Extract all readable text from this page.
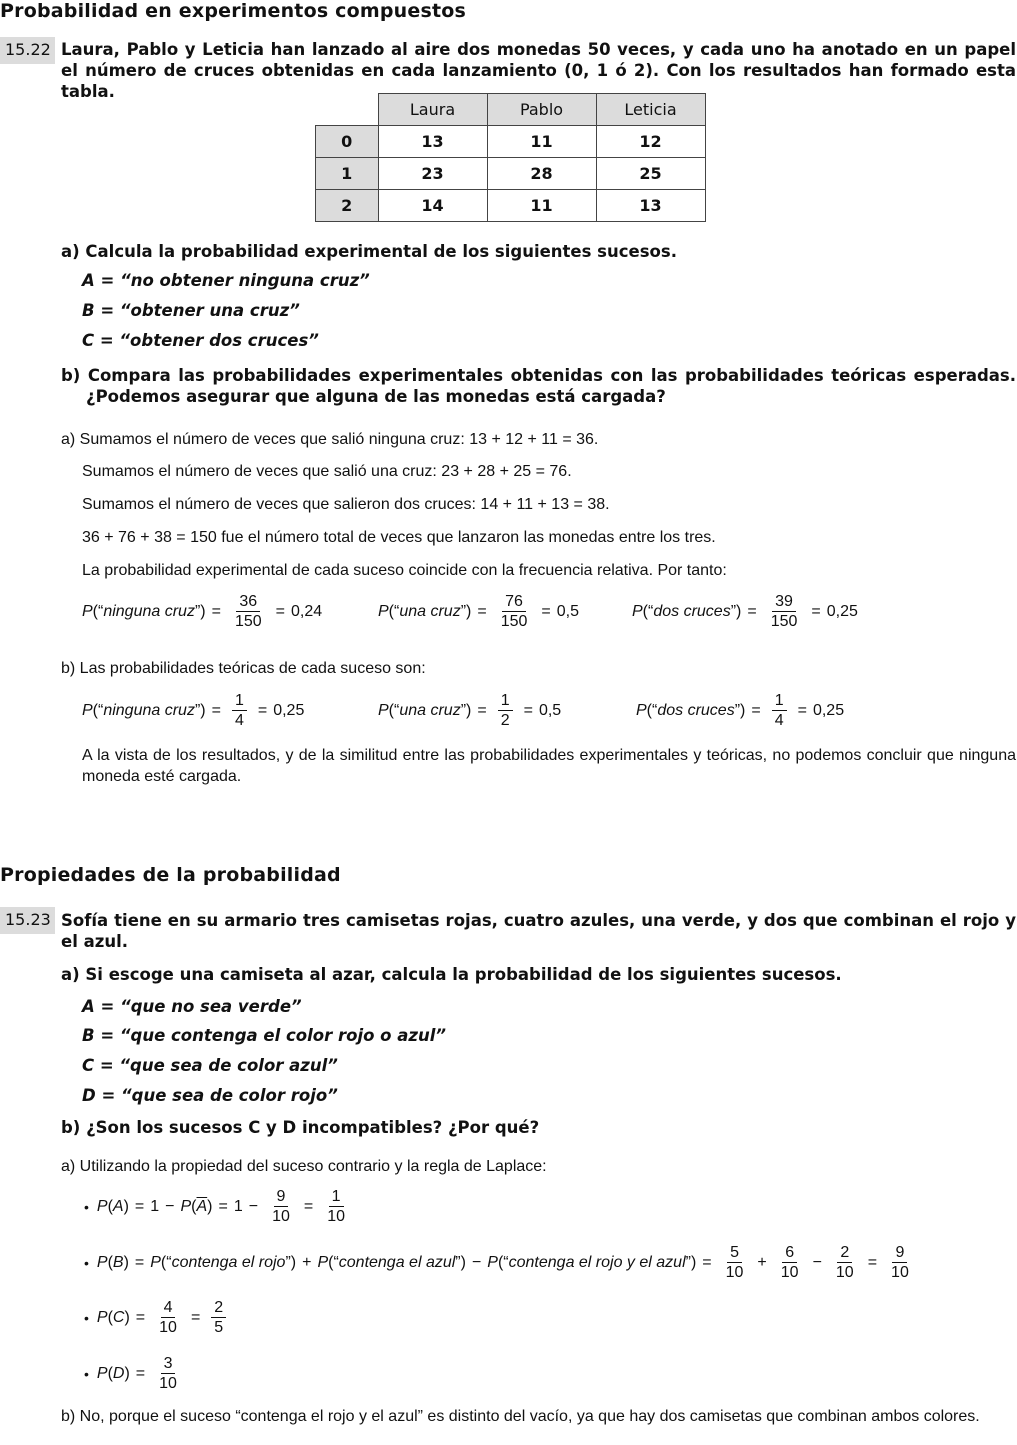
Probabilidad en experimentos compuestos
15.22 Laura, Pablo y Leticia han lanzado al aire dos monedas 50 veces, y cada uno ha anotado en un papel el número de cruces obtenidas en cada lanzamiento (0, 1 ó 2). Con los resultados han formado esta tabla.
	Laura	Pablo	Leticia
0	13	11	12
1	23	28	25
2	14	11	13
a) Calcula la probabilidad experimental de los siguientes sucesos.
A = “no obtener ninguna cruz”
B = “obtener una cruz”
C = “obtener dos cruces”
b) Compara las probabilidades experimentales obtenidas con las probabilidades teóricas esperadas.
¿Podemos asegurar que alguna de las monedas está cargada?
a) Sumamos el número de veces que salió ninguna cruz: 13 + 12 + 11 = 36.
Sumamos el número de veces que salió una cruz: 23 + 28 + 25 = 76.
Sumamos el número de veces que salieron dos cruces: 14 + 11 + 13 = 38.
36 + 76 + 38 = 150 fue el número total de veces que lanzaron las monedas entre los tres.
La probabilidad experimental de cada suceso coincide con la frecuencia relativa. Por tanto:
P(“ninguna cruz”) = $\frac{36}{150} = 0,24$	P(“una cruz”) = $\frac{76}{150} = 0,5$	P(“dos cruces”) = $\frac{39}{150} = 0,25$
b) Las probabilidades teóricas de cada suceso son:
P(“ninguna cruz”) = $\frac{1}{4} = 0,25$	P(“una cruz”) = $\frac{1}{2} = 0,5$	P(“dos cruces”) = $\frac{1}{4} = 0,25$
A la vista de los resultados, y de la similitud entre las probabilidades experimentales y teóricas, no podemos concluir que ninguna moneda esté cargada.
Propiedades de la probabilidad
15.23 Sofía tiene en su armario tres camisetas rojas, cuatro azules, una verde, y dos que combinan el rojo y el azul.
a) Si escoge una camiseta al azar, calcula la probabilidad de los siguientes sucesos.
A = “que no sea verde”
B = “que contenga el color rojo o azul”
C = “que sea de color azul”
D = “que sea de color rojo”
b) ¿Son los sucesos C y D incompatibles? ¿Por qué?
a) Utilizando la propiedad del suceso contrario y la regla de Laplace:
• $P(A) = 1 - P(\overline{A}) = 1 - \frac{9}{10} = \frac{1}{10}$
• P(B) = P(“contenga el rojo”) + P(“contenga el azul”) − P(“contenga el rojo y el azul”) = $\frac{5}{10} + \frac{6}{10} - \frac{2}{10} = \frac{9}{10}$
• $P(C) = \frac{4}{10} = \frac{2}{5}$
• $P(D) = \frac{3}{10}$
b) No, porque el suceso “contenga el rojo y el azul” es distinto del vacío, ya que hay dos camisetas que combinan ambos colores.
